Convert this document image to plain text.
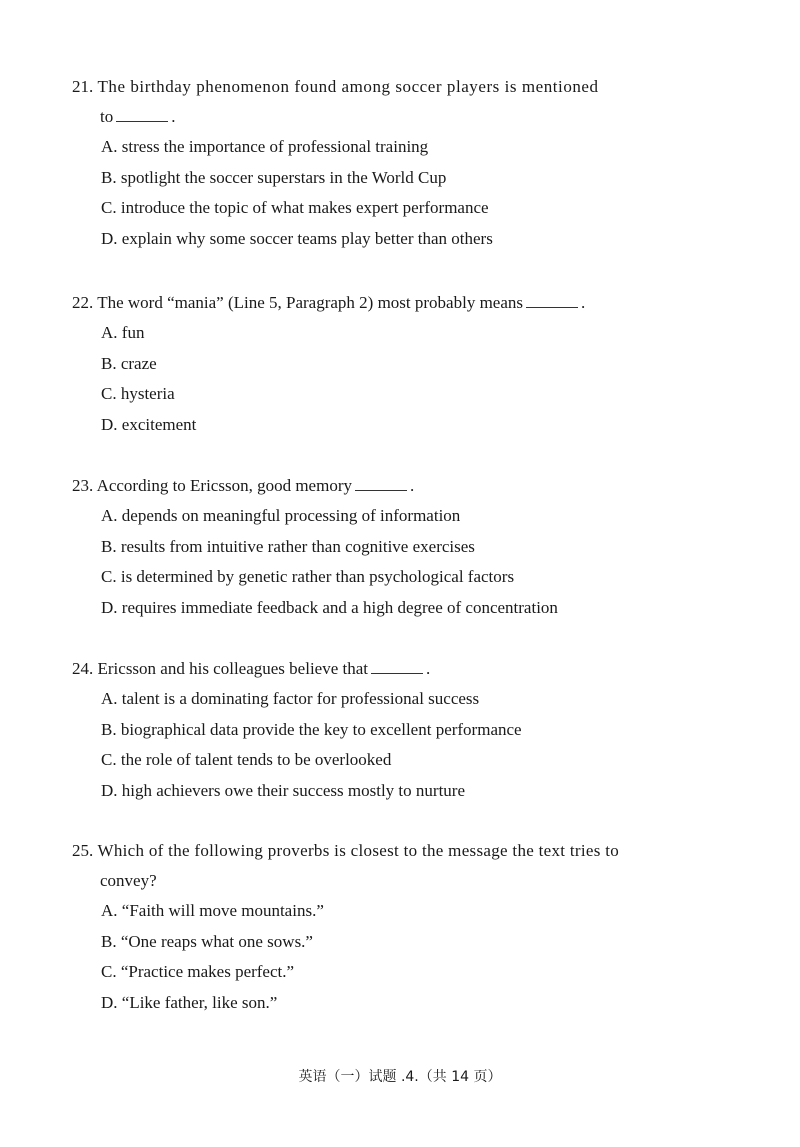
21. The birthday phenomenon found among soccer players is mentioned

to	.

A. stress the importance of professional training
B. spotlight the soccer superstars in the World Cup
C. introduce the topic of what makes expert performance
D. explain why some soccer teams play better than others

22. The word “mania” (Line 5, Paragraph 2) most probably means	.

A. fun
B. craze
C. hysteria
D. excitement

23. According to Ericsson, good memory	.

A. depends on meaningful processing of information
B. results from intuitive rather than cognitive exercises
C. is determined by genetic rather than psychological factors
D. requires immediate feedback and a high degree of concentration

24. Ericsson and his colleagues believe that	.

A. talent is a dominating factor for professional success
B. biographical data provide the key to excellent performance
C. the role of talent tends to be overlooked
D. high achievers owe their success mostly to nurture

25. Which of the following proverbs is closest to the message the text tries to

convey?

A. “Faith will move mountains.”
B. “One reaps what one sows.”
C. “Practice makes perfect.”
D. “Like father, like son.”
英语（一）试题 .4.（共 14 页）
